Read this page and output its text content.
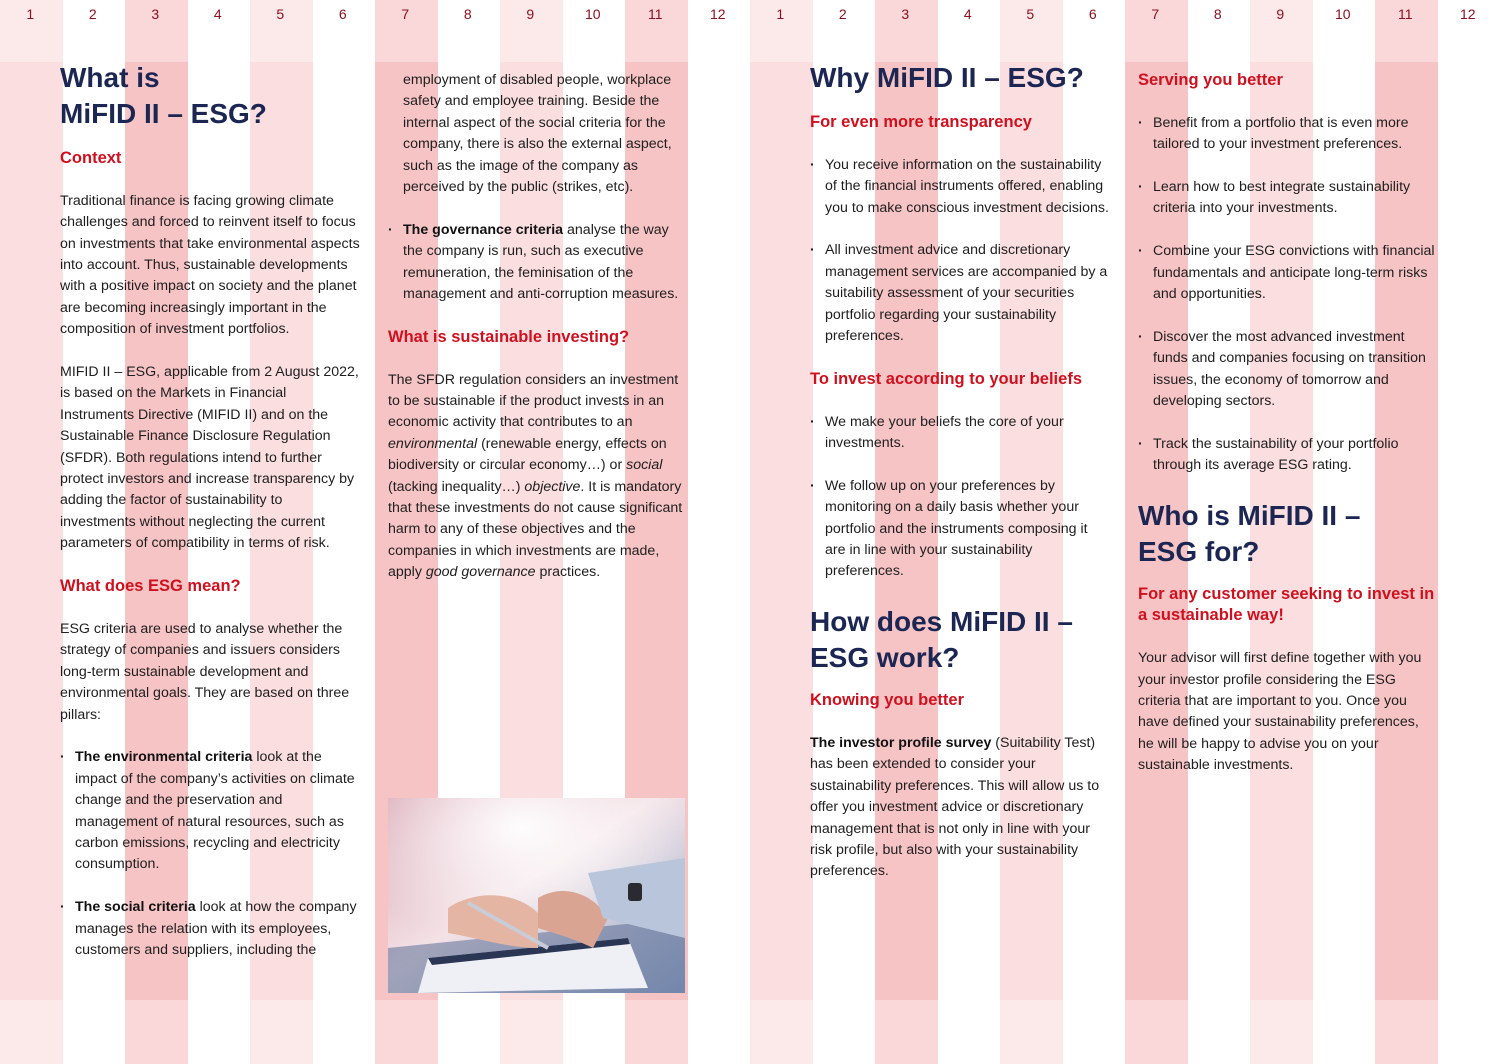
1	2	3	4	5	6	7	8	9	10	11	12	1	2	3	4	5	6	7	8	9	10	11	12
What is
MiFID II – ESG?
Context

Traditional finance is facing growing climate challenges and forced to reinvent itself to focus on investments that take environmental aspects into account. Thus, sustainable developments with a positive impact on society and the planet are becoming increasingly important in the composition of investment portfolios.

MIFID II – ESG, applicable from 2 August 2022, is based on the Markets in Financial Instruments Directive (MIFID II) and on the Sustainable Finance Disclosure Regulation (SFDR). Both regulations intend to further protect investors and increase transparency by adding the factor of sustainability to investments without neglecting the current parameters of compatibility in terms of risk.

What does ESG mean?

ESG criteria are used to analyse whether the strategy of companies and issuers considers long-term sustainable development and environmental goals. They are based on three pillars:

· The environmental criteria look at the impact of the company’s activities on climate change and the preservation and management of natural resources, such as carbon emissions, recycling and electricity consumption.
· The social criteria look at how the company manages the relation with its employees, customers and suppliers, including the

employment of disabled people, workplace safety and employee training. Beside the internal aspect of the social criteria for the company, there is also the external aspect, such as the image of the company as perceived by the public (strikes, etc).

· The governance criteria analyse the way the company is run, such as executive remuneration, the feminisation of the management and anti-corruption measures.
What is sustainable investing?

The SFDR regulation considers an investment to be sustainable if the product invests in an economic activity that contributes to an environmental (renewable energy, effects on biodiversity or circular economy…) or social (tacking inequality…) objective. It is mandatory that these investments do not cause significant harm to any of these objectives and the companies in which investments are made, apply good governance practices.

Why MiFID II – ESG?
For even more transparency
· You receive information on the sustainability of the financial instruments offered, enabling you to make conscious investment decisions.
· All investment advice and discretionary management services are accompanied by a suitability assessment of your securities portfolio regarding your sustainability preferences.
To invest according to your beliefs
· We make your beliefs the core of your investments.
· We follow up on your preferences by monitoring on a daily basis whether your portfolio and the instruments composing it are in line with your sustainability preferences.
How does MiFID II –
ESG work?
Knowing you better

The investor profile survey (Suitability Test) has been extended to consider your sustainability preferences. This will allow us to offer you investment advice or discretionary management that is not only in line with your risk profile, but also with your sustainability preferences.

Serving you better
· Benefit from a portfolio that is even more tailored to your investment preferences.
· Learn how to best integrate sustainability criteria into your investments.
· Combine your ESG convictions with financial fundamentals and anticipate long-term risks and opportunities.
· Discover the most advanced investment funds and companies focusing on transition issues, the economy of tomorrow and developing sectors.
· Track the sustainability of your portfolio through its average ESG rating.
Who is MiFID II –
ESG for?
For any customer seeking to invest in a sustainable way!

Your advisor will first define together with you your investor profile considering the ESG criteria that are important to you. Once you have defined your sustainability preferences, he will be happy to advise you on your sustainable investments.
